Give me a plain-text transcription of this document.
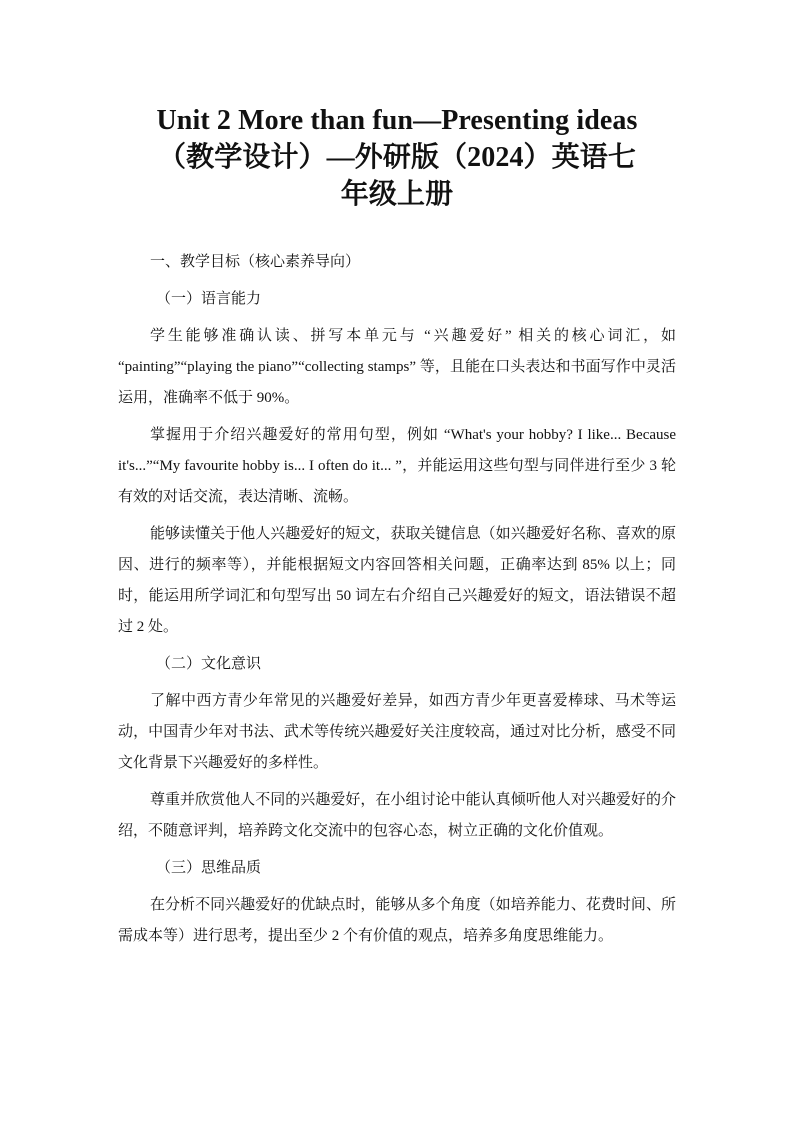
Unit 2 More than fun—Presenting ideas
（教学设计）—外研版（2024）英语七
年级上册

一、教学目标（核心素养导向）

（一）语言能力

学生能够准确认读、拼写本单元与 “兴趣爱好” 相关的核心词汇，如 “painting”“playing the piano”“collecting stamps” 等，且能在口头表达和书面写作中灵活运用，准确率不低于 90%。

掌握用于介绍兴趣爱好的常用句型，例如 “What's your hobby? I like... Because it's...”“My favourite hobby is... I often do it... ”，并能运用这些句型与同伴进行至少 3 轮有效的对话交流，表达清晰、流畅。

能够读懂关于他人兴趣爱好的短文，获取关键信息（如兴趣爱好名称、喜欢的原因、进行的频率等），并能根据短文内容回答相关问题，正确率达到 85% 以上；同时，能运用所学词汇和句型写出 50 词左右介绍自己兴趣爱好的短文，语法错误不超过 2 处。

（二）文化意识

了解中西方青少年常见的兴趣爱好差异，如西方青少年更喜爱棒球、马术等运动，中国青少年对书法、武术等传统兴趣爱好关注度较高，通过对比分析，感受不同文化背景下兴趣爱好的多样性。

尊重并欣赏他人不同的兴趣爱好，在小组讨论中能认真倾听他人对兴趣爱好的介绍，不随意评判，培养跨文化交流中的包容心态，树立正确的文化价值观。

（三）思维品质

在分析不同兴趣爱好的优缺点时，能够从多个角度（如培养能力、花费时间、所需成本等）进行思考，提出至少 2 个有价值的观点，培养多角度思维能力。
